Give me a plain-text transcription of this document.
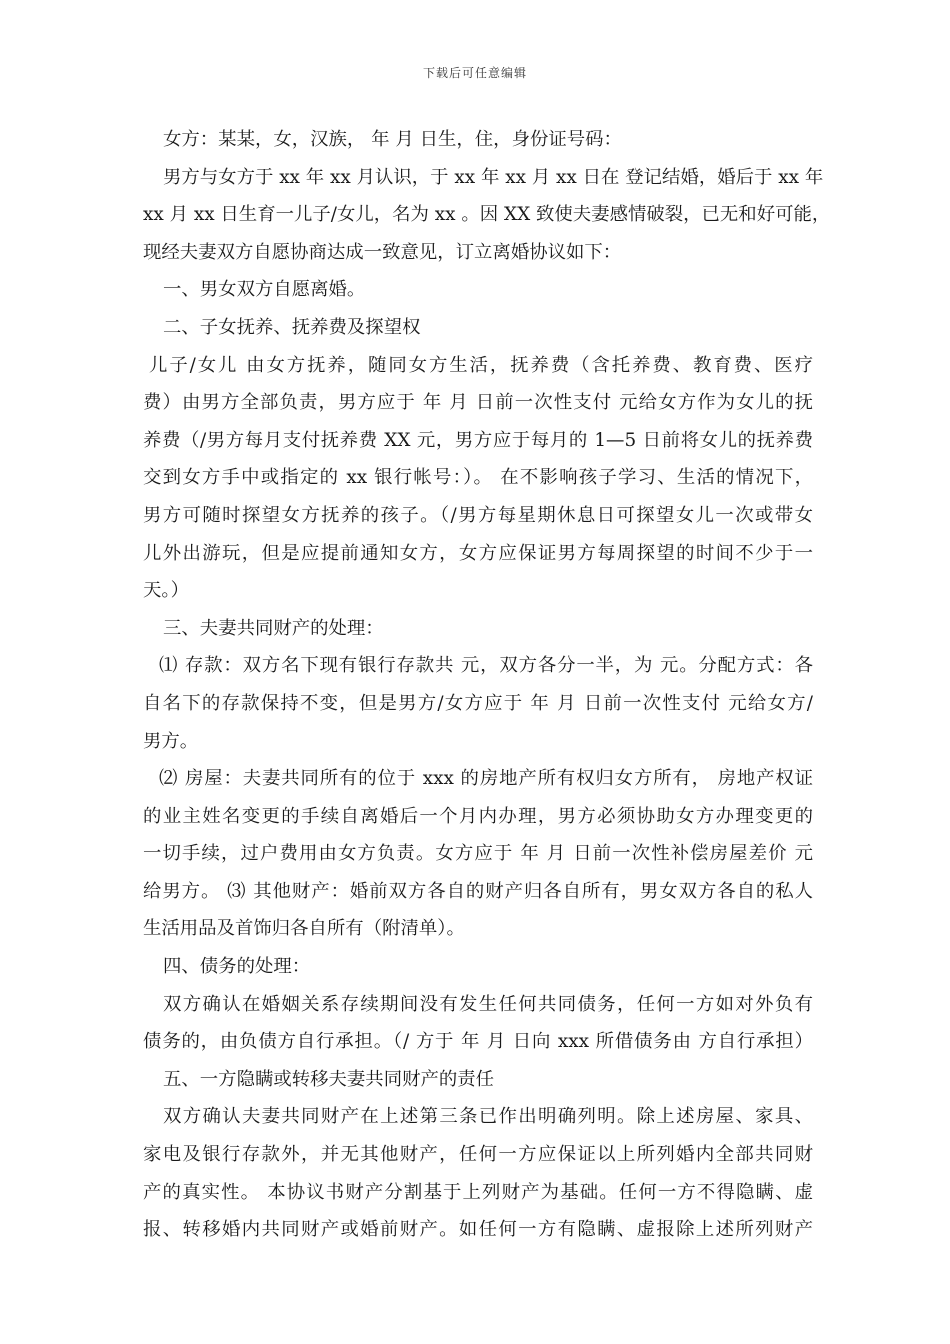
下载后可任意编辑

女方：某某，女，汉族， 年 月 日生，住，身份证号码：

男方与女方于 xx 年 xx 月认识，于 xx 年 xx 月 xx 日在 登记结婚，婚后于 xx 年

xx 月 xx 日生育一儿子/女儿，名为 xx 。因 XX 致使夫妻感情破裂，已无和好可能，

现经夫妻双方自愿协商达成一致意见，订立离婚协议如下：

一、男女双方自愿离婚。

二、子女抚养、抚养费及探望权

儿子/女儿 由女方抚养，随同女方生活，抚养费（含托养费、教育费、医疗

费）由男方全部负责，男方应于 年 月 日前一次性支付 元给女方作为女儿的抚

养费（/男方每月支付抚养费 XX 元，男方应于每月的 1—5 日前将女儿的抚养费

交到女方手中或指定的 xx 银行帐号：）。 在不影响孩子学习、生活的情况下，

男方可随时探望女方抚养的孩子。（/男方每星期休息日可探望女儿一次或带女

儿外出游玩，但是应提前通知女方，女方应保证男方每周探望的时间不少于一

天。）

三、夫妻共同财产的处理：

⑴ 存款：双方名下现有银行存款共 元，双方各分一半，为 元。分配方式：各

自名下的存款保持不变，但是男方/女方应于 年 月 日前一次性支付 元给女方/

男方。

⑵ 房屋：夫妻共同所有的位于 xxx 的房地产所有权归女方所有， 房地产权证

的业主姓名变更的手续自离婚后一个月内办理，男方必须协助女方办理变更的

一切手续，过户费用由女方负责。女方应于 年 月 日前一次性补偿房屋差价 元

给男方。 ⑶ 其他财产：婚前双方各自的财产归各自所有，男女双方各自的私人

生活用品及首饰归各自所有（附清单）。

四、债务的处理：

双方确认在婚姻关系存续期间没有发生任何共同债务，任何一方如对外负有

债务的，由负债方自行承担。（/ 方于 年 月 日向 xxx 所借债务由 方自行承担）

五、一方隐瞒或转移夫妻共同财产的责任

双方确认夫妻共同财产在上述第三条已作出明确列明。除上述房屋、家具、

家电及银行存款外，并无其他财产，任何一方应保证以上所列婚内全部共同财

产的真实性。 本协议书财产分割基于上列财产为基础。任何一方不得隐瞒、虚

报、转移婚内共同财产或婚前财产。如任何一方有隐瞒、虚报除上述所列财产
